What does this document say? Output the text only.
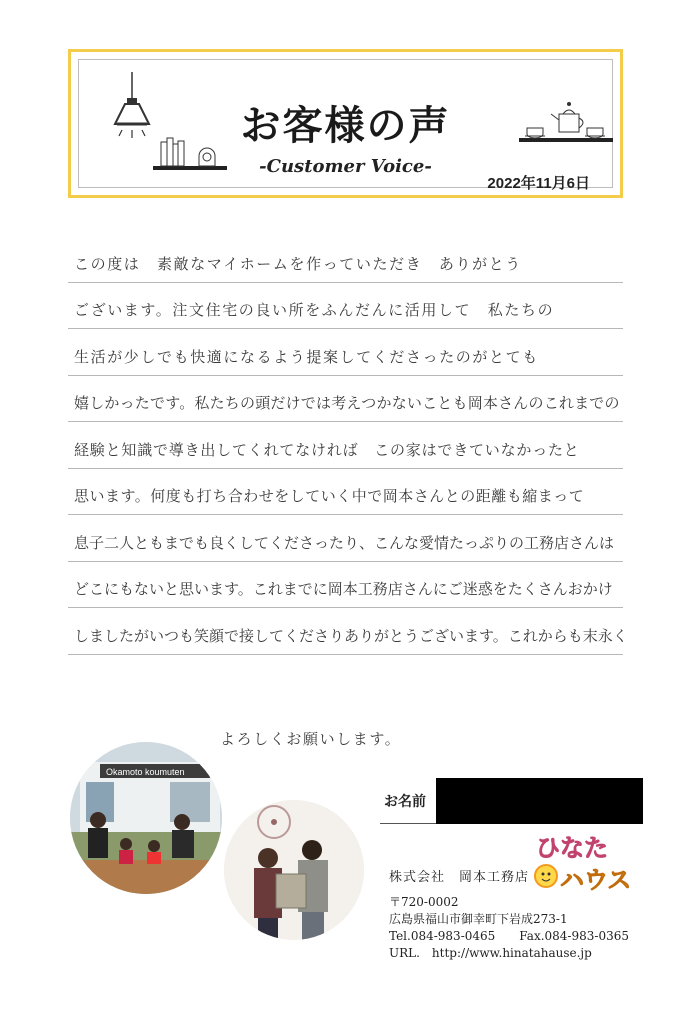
お客様の声
-Customer Voice-
2022年11月6日
この度は　素敵なマイホームを作っていただき　ありがとう
ございます。注文住宅の良い所をふんだんに活用して　私たちの
生活が少しでも快適になるよう提案してくださったのがとても
嬉しかったです。私たちの頭だけでは考えつかないことも岡本さんのこれまでの
経験と知識で導き出してくれてなければ　この家はできていなかったと
思います。何度も打ち合わせをしていく中で岡本さんとの距離も縮まって
息子二人ともまでも良くしてくださったり、こんな愛情たっぷりの工務店さんは
どこにもないと思います。これまでに岡本工務店さんにご迷惑をたくさんおかけ
しましたがいつも笑顔で接してくださりありがとうございます。これからも末永く
よろしくお願いします。
Okamoto koumuten
お名前
ひなた
ハウス
株式会社　岡本工務店
〒720-0002
広島県福山市御幸町下岩成273-1
Tel.084-983-0465　　Fax.084-983-0365
URL.　http://www.hinatahause.jp
